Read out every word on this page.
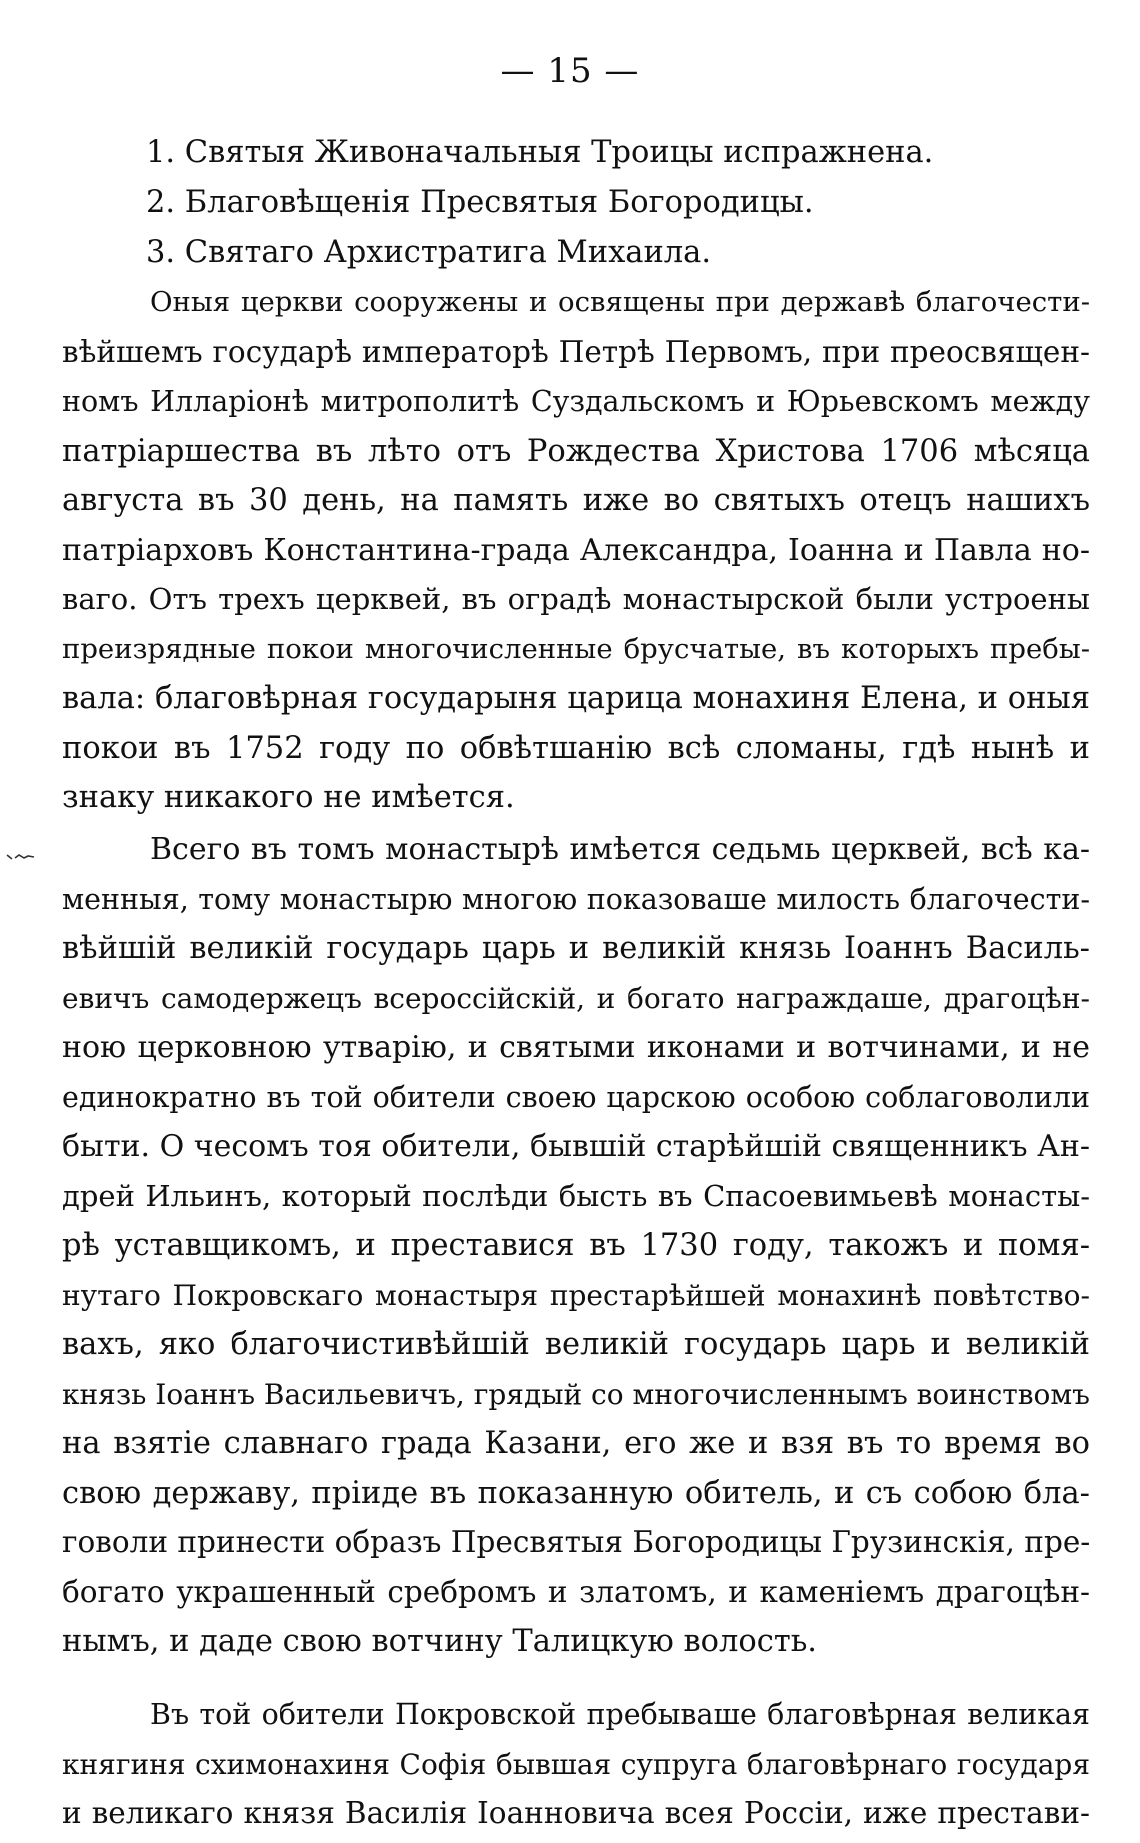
— 15 —
1. Святыя Живоначальныя Троицы испражнена.
2. Благовѣщенія Пресвятыя Богородицы.
3. Святаго Архистратига Михаила.
Оныя церкви сооружены и освящены при державѣ благочести-
вѣйшемъ государѣ императорѣ Петрѣ Первомъ, при преосвящен-
номъ Илларіонѣ митрополитѣ Суздальскомъ и Юрьевскомъ между
патріаршества въ лѣто отъ Рождества Христова 1706 мѣсяца
августа въ 30 день, на память иже во святыхъ отецъ нашихъ
патріарховъ Константина-града Александра, Іоанна и Павла но-
ваго. Отъ трехъ церквей, въ оградѣ монастырской были устроены
преизрядные покои многочисленные брусчатые, въ которыхъ пребы-
вала: благовѣрная государыня царица монахиня Елена, и оныя
покои въ 1752 году по обвѣтшанію всѣ сломаны, гдѣ нынѣ и
знаку никакого не имѣется.
Всего въ томъ монастырѣ имѣется седьмь церквей, всѣ ка-
менныя, тому монастырю многою показоваше милость благочести-
вѣйшій великій государь царь и великій князь Іоаннъ Василь-
евичъ самодержецъ всероссійскій, и богато награждаше, драгоцѣн-
ною церковною утварію, и святыми иконами и вотчинами, и не
единократно въ той обители своею царскою особою соблаговолили
быти. О чесомъ тоя обители, бывшій старѣйшій священникъ Ан-
дрей Ильинъ, который послѣди бысть въ Спасоевимьевѣ монасты-
рѣ уставщикомъ, и преставися въ 1730 году, такожъ и помя-
нутаго Покровскаго монастыря престарѣйшей монахинѣ повѣтство-
вахъ, яко благочистивѣйшій великій государь царь и великій
князь Іоаннъ Васильевичъ, грядый со многочисленнымъ воинствомъ
на взятіе славнаго града Казани, его же и взя въ то время во
свою державу, пріиде въ показанную обитель, и съ собою бла-
говоли принести образъ Пресвятыя Богородицы Грузинскія, пре-
богато украшенный сребромъ и златомъ, и каменіемъ драгоцѣн-
нымъ, и даде свою вотчину Талицкую волость.
Въ той обители Покровской пребываше благовѣрная великая
княгиня схимонахиня Софія бывшая супруга благовѣрнаго государя
и великаго князя Василія Іоанновича всея Россіи, иже престави-
